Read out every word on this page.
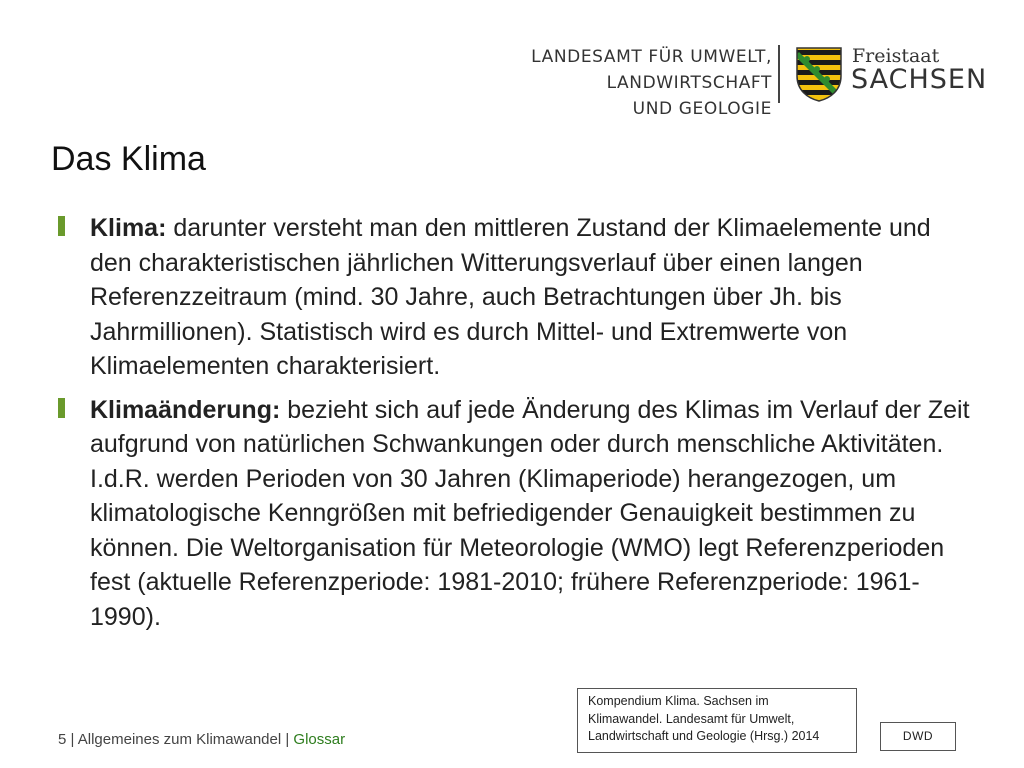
LANDESAMT FÜR UMWELT,
LANDWIRTSCHAFT
UND GEOLOGIE
Freistaat
SACHSEN
Das Klima
Klima: darunter versteht man den mittleren Zustand der Klimaelemente und den charakteristischen jährlichen Witterungsverlauf über einen langen Referenzzeitraum (mind. 30 Jahre, auch Betrachtungen über Jh. bis Jahrmillionen). Statistisch wird es durch Mittel- und Extremwerte von Klimaelementen charakterisiert.
Klimaänderung: bezieht sich auf jede Änderung des Klimas im Verlauf der Zeit aufgrund von natürlichen Schwankungen oder durch menschliche Aktivitäten. I.d.R. werden Perioden von 30 Jahren (Klimaperiode) herangezogen, um klimatologische Kenngrößen mit befriedigender Genauigkeit bestimmen zu können. Die Weltorganisation für Meteorologie (WMO) legt Referenzperioden fest (aktuelle Referenzperiode: 1981-2010; frühere Referenzperiode: 1961-1990).
Kompendium Klima. Sachsen im
Klimawandel. Landesamt für Umwelt,
Landwirtschaft und Geologie (Hrsg.) 2014	DWD
5 | Allgemeines zum Klimawandel | Glossar
